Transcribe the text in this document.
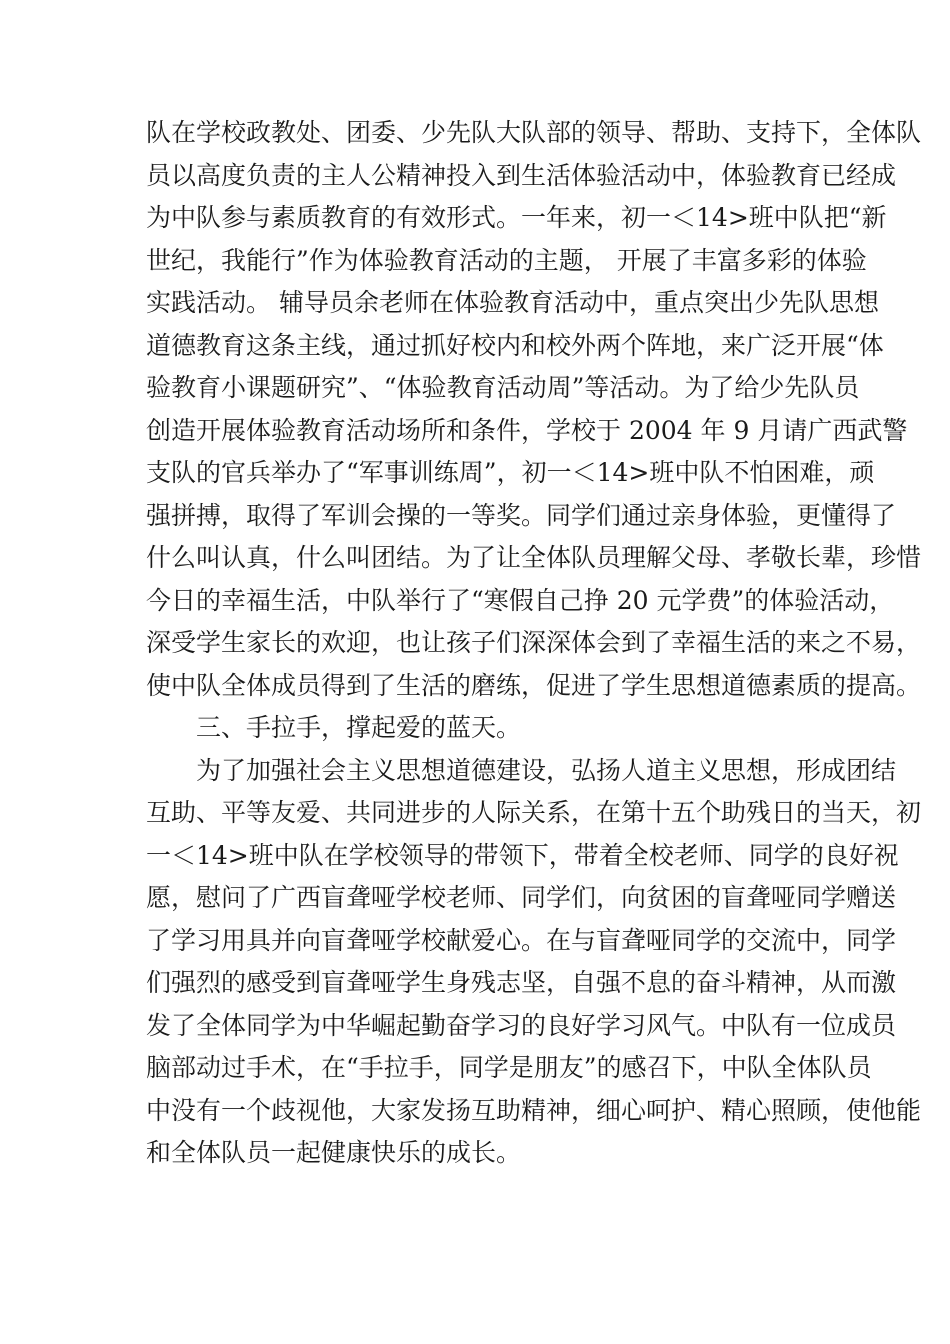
队在学校政教处、团委、少先队大队部的领导、帮助、支持下，全体队
员以高度负责的主人公精神投入到生活体验活动中，体验教育已经成
为中队参与素质教育的有效形式。一年来，初一＜14>班中队把“新
世纪，我能行”作为体验教育活动的主题， 开展了丰富多彩的体验
实践活动。 辅导员余老师在体验教育活动中，重点突出少先队思想
道德教育这条主线，通过抓好校内和校外两个阵地，来广泛开展“体
验教育小课题研究”、“体验教育活动周”等活动。为了给少先队员
创造开展体验教育活动场所和条件，学校于 2004 年 9 月请广西武警
支队的官兵举办了“军事训练周”，初一＜14>班中队不怕困难，顽
强拼搏，取得了军训会操的一等奖。同学们通过亲身体验，更懂得了
什么叫认真，什么叫团结。为了让全体队员理解父母、孝敬长辈，珍惜
今日的幸福生活，中队举行了“寒假自己挣 20 元学费”的体验活动，
深受学生家长的欢迎，也让孩子们深深体会到了幸福生活的来之不易，
使中队全体成员得到了生活的磨练，促进了学生思想道德素质的提高。
三、手拉手，撑起爱的蓝天。
为了加强社会主义思想道德建设，弘扬人道主义思想，形成团结
互助、平等友爱、共同进步的人际关系，在第十五个助残日的当天，初
一＜14>班中队在学校领导的带领下，带着全校老师、同学的良好祝
愿，慰问了广西盲聋哑学校老师、同学们，向贫困的盲聋哑同学赠送
了学习用具并向盲聋哑学校献爱心。在与盲聋哑同学的交流中，同学
们强烈的感受到盲聋哑学生身残志坚，自强不息的奋斗精神，从而激
发了全体同学为中华崛起勤奋学习的良好学习风气。中队有一位成员
脑部动过手术，在“手拉手，同学是朋友”的感召下，中队全体队员
中没有一个歧视他，大家发扬互助精神，细心呵护、精心照顾，使他能
和全体队员一起健康快乐的成长。
